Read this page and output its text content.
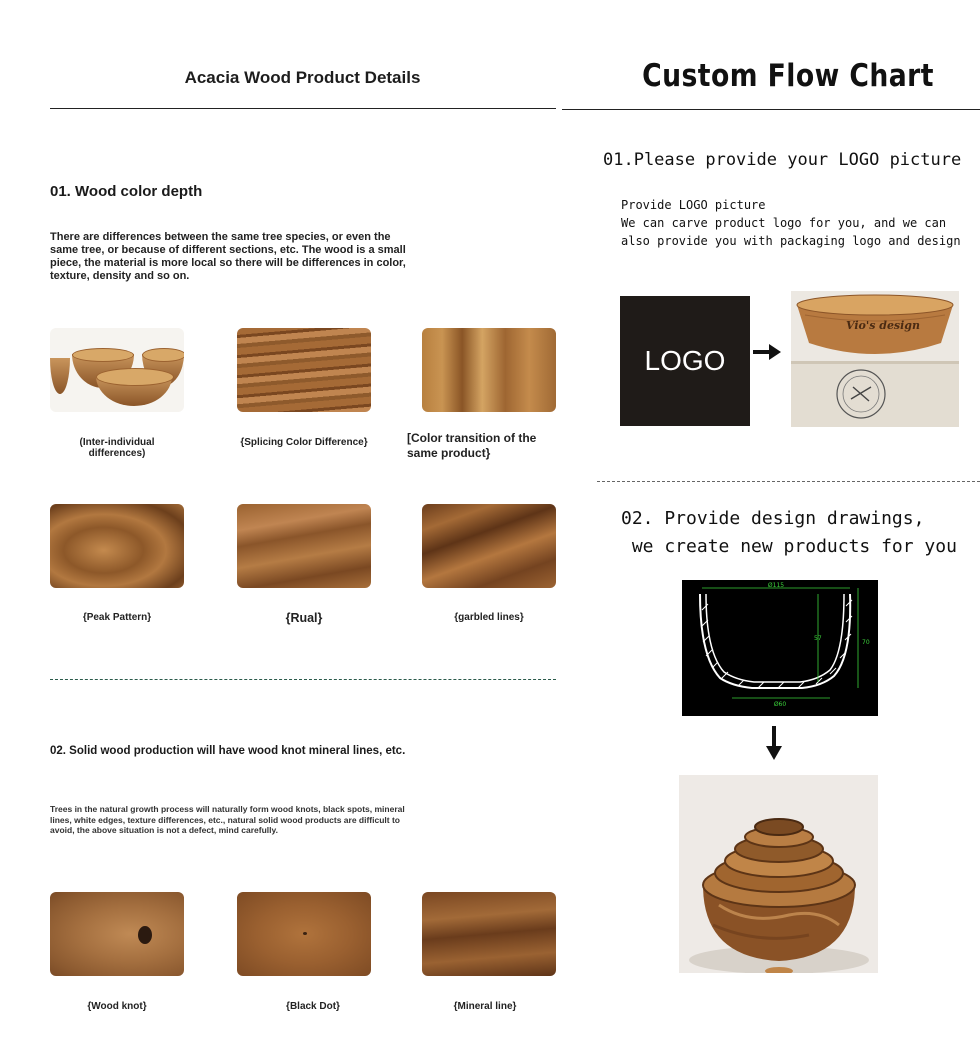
Acacia Wood Product Details
01. Wood color depth
There are differences between the same tree species, or even the same tree, or because of different sections, etc. The wood is a small piece, the material is more local so there will be differences in color, texture, density and so on.
(Inter-individual differences)
{Splicing Color Difference}	[Color transition of the same product}
{Peak Pattern}	{Rual}	{garbled lines}
02. Solid wood production will have wood knot mineral lines, etc.
Trees in the natural growth process will naturally form wood knots, black spots, mineral lines, white edges, texture differences, etc., natural solid wood products are difficult to avoid, the above situation is not a defect, mind carefully.
{Wood knot}	{Black Dot}	{Mineral line}
Custom Flow Chart
01.Please provide your LOGO picture
Provide LOGO picture
We can carve product logo for you, and we can
also provide you with packaging logo and design
LOGO
Vio's design
02. Provide design drawings,
we create new products for you
Ø115
Ø60
57
70
